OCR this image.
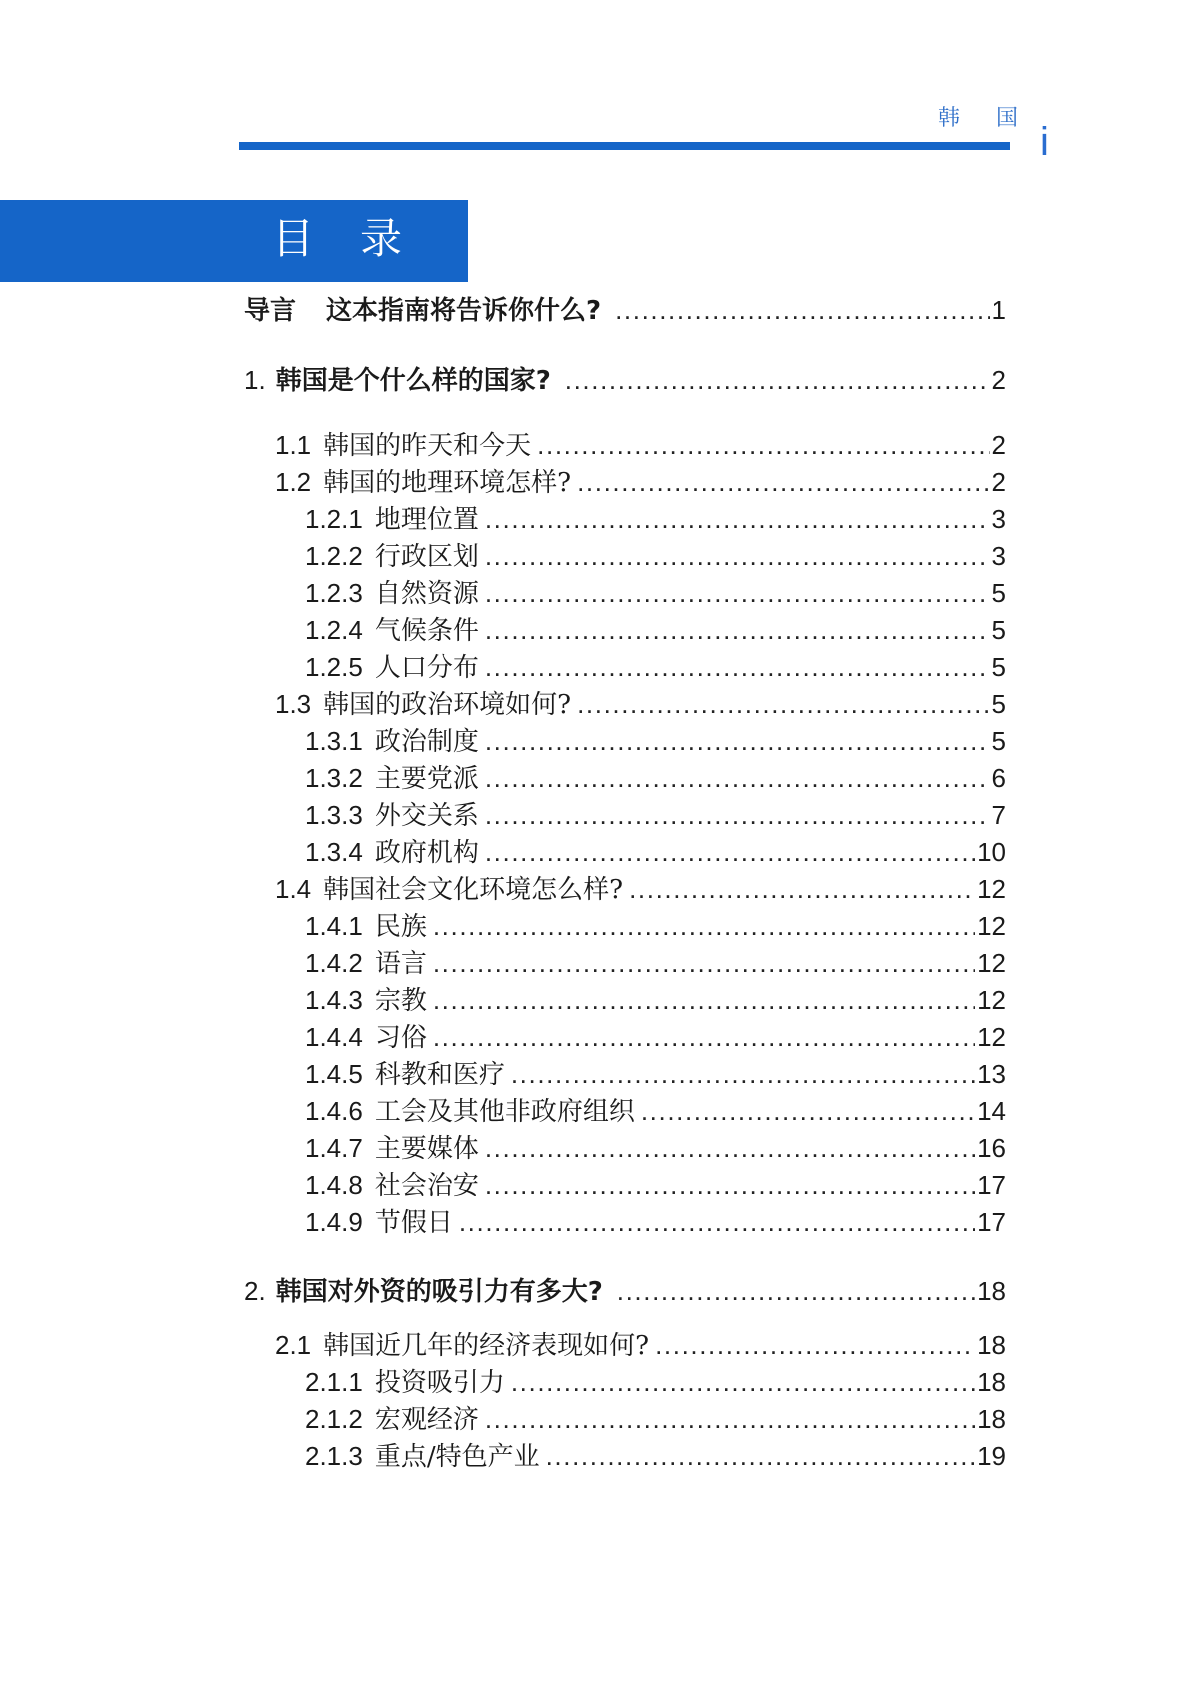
韩 国
i
目 录
导言 这本指南将告诉你什么? .....	1
1. 韩国是个什么样的国家? .....	2
1.1 韩国的昨天和今天 .....	2
1.2 韩国的地理环境怎样? .....	2
1.2.1 地理位置 .....	3
1.2.2 行政区划 .....	3
1.2.3 自然资源 .....	5
1.2.4 气候条件 .....	5
1.2.5 人口分布 .....	5
1.3 韩国的政治环境如何? .....	5
1.3.1 政治制度 .....	5
1.3.2 主要党派 .....	6
1.3.3 外交关系 .....	7
1.3.4 政府机构 .....	10
1.4 韩国社会文化环境怎么样? .....	12
1.4.1 民族 .....	12
1.4.2 语言 .....	12
1.4.3 宗教 .....	12
1.4.4 习俗 .....	12
1.4.5 科教和医疗 .....	13
1.4.6 工会及其他非政府组织 .....	14
1.4.7 主要媒体 .....	16
1.4.8 社会治安 .....	17
1.4.9 节假日 .....	17
2. 韩国对外资的吸引力有多大? .....	18
2.1 韩国近几年的经济表现如何? .....	18
2.1.1 投资吸引力 .....	18
2.1.2 宏观经济 .....	18
2.1.3 重点/特色产业 .....	19
